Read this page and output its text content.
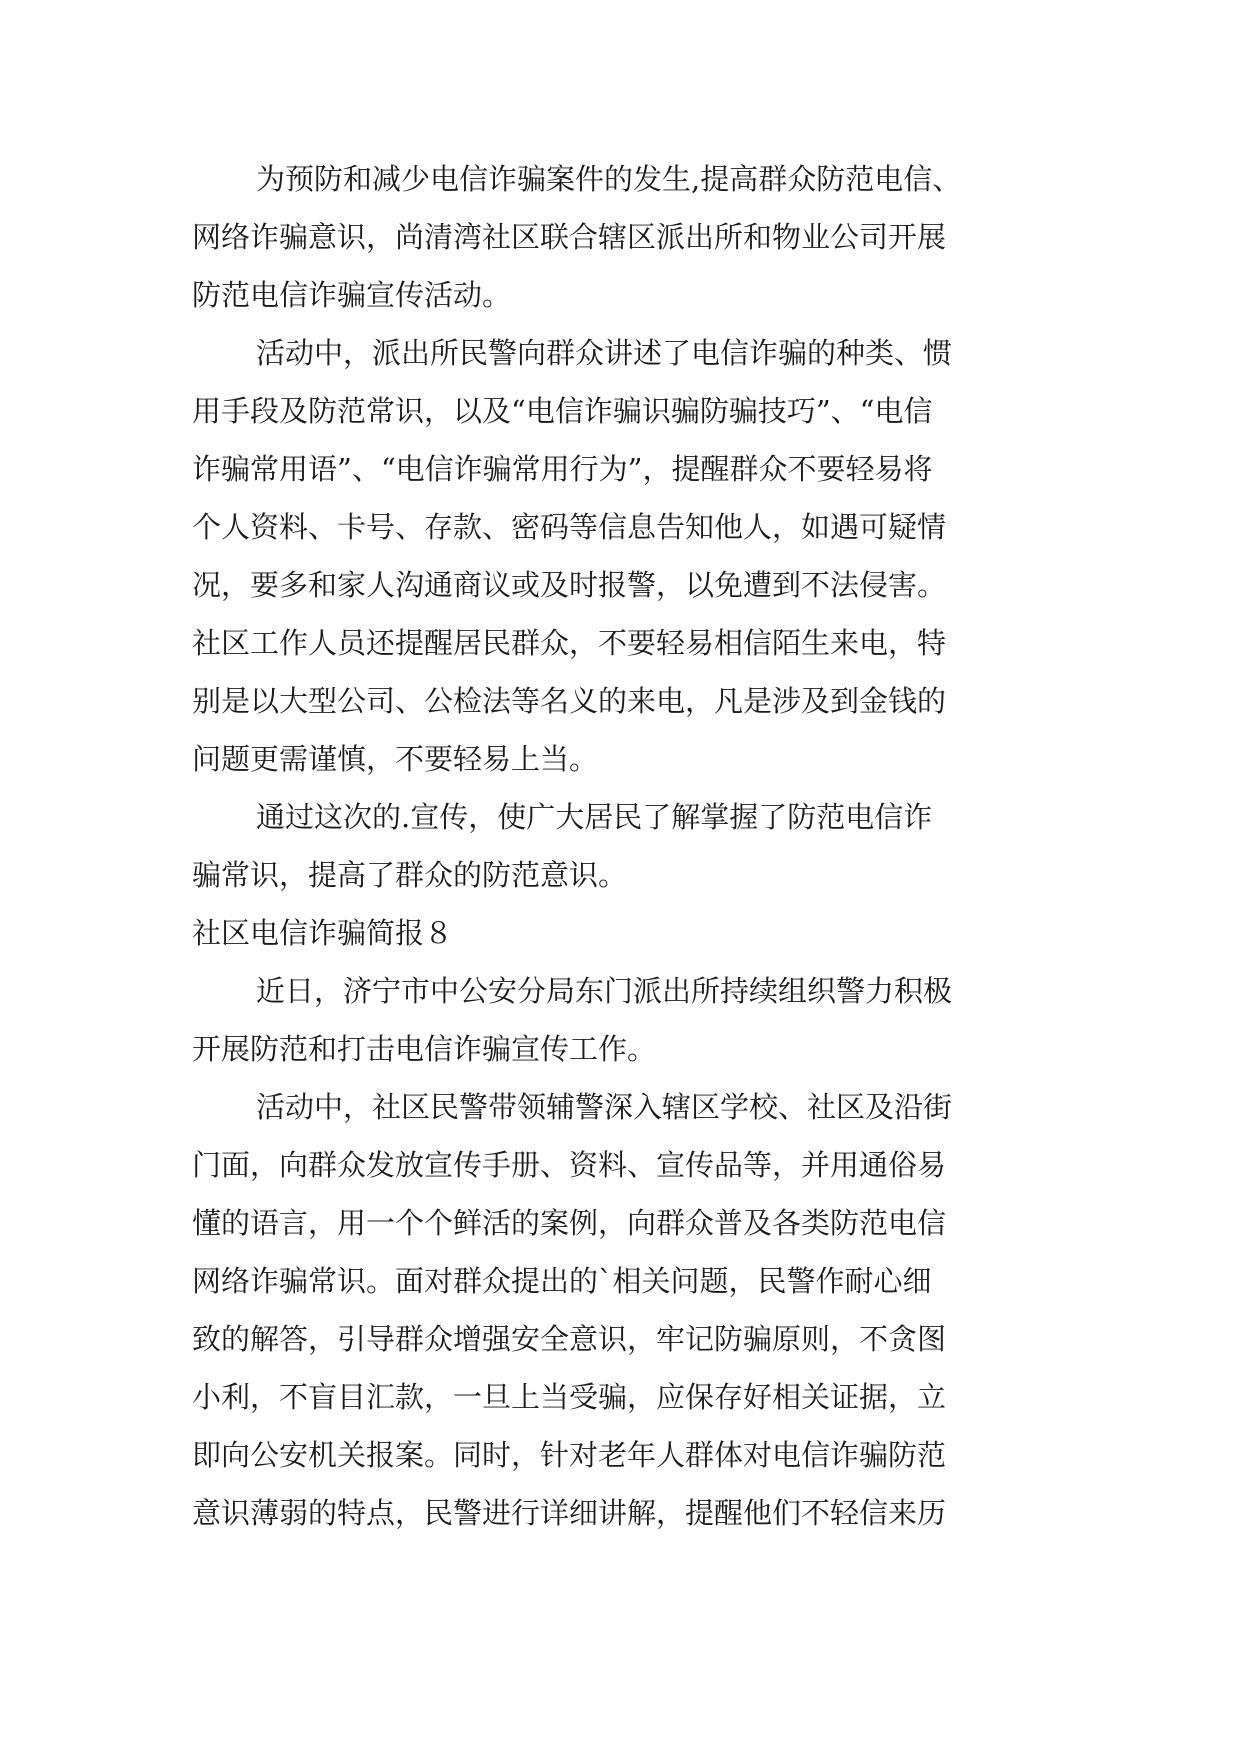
为预防和减少电信诈骗案件的发生,提高群众防范电信、
网络诈骗意识，尚清湾社区联合辖区派出所和物业公司开展
防范电信诈骗宣传活动。
活动中，派出所民警向群众讲述了电信诈骗的种类、惯
用手段及防范常识，以及“电信诈骗识骗防骗技巧”、“电信
诈骗常用语”、“电信诈骗常用行为”，提醒群众不要轻易将
个人资料、卡号、存款、密码等信息告知他人，如遇可疑情
况，要多和家人沟通商议或及时报警，以免遭到不法侵害。
社区工作人员还提醒居民群众，不要轻易相信陌生来电，特
别是以大型公司、公检法等名义的来电，凡是涉及到金钱的
问题更需谨慎，不要轻易上当。
通过这次的.宣传，使广大居民了解掌握了防范电信诈
骗常识，提高了群众的防范意识。
社区电信诈骗简报８
近日，济宁市中公安分局东门派出所持续组织警力积极
开展防范和打击电信诈骗宣传工作。
活动中，社区民警带领辅警深入辖区学校、社区及沿街
门面，向群众发放宣传手册、资料、宣传品等，并用通俗易
懂的语言，用一个个鲜活的案例，向群众普及各类防范电信
网络诈骗常识。面对群众提出的`相关问题，民警作耐心细
致的解答，引导群众增强安全意识，牢记防骗原则，不贪图
小利，不盲目汇款，一旦上当受骗，应保存好相关证据，立
即向公安机关报案。同时，针对老年人群体对电信诈骗防范
意识薄弱的特点，民警进行详细讲解，提醒他们不轻信来历
